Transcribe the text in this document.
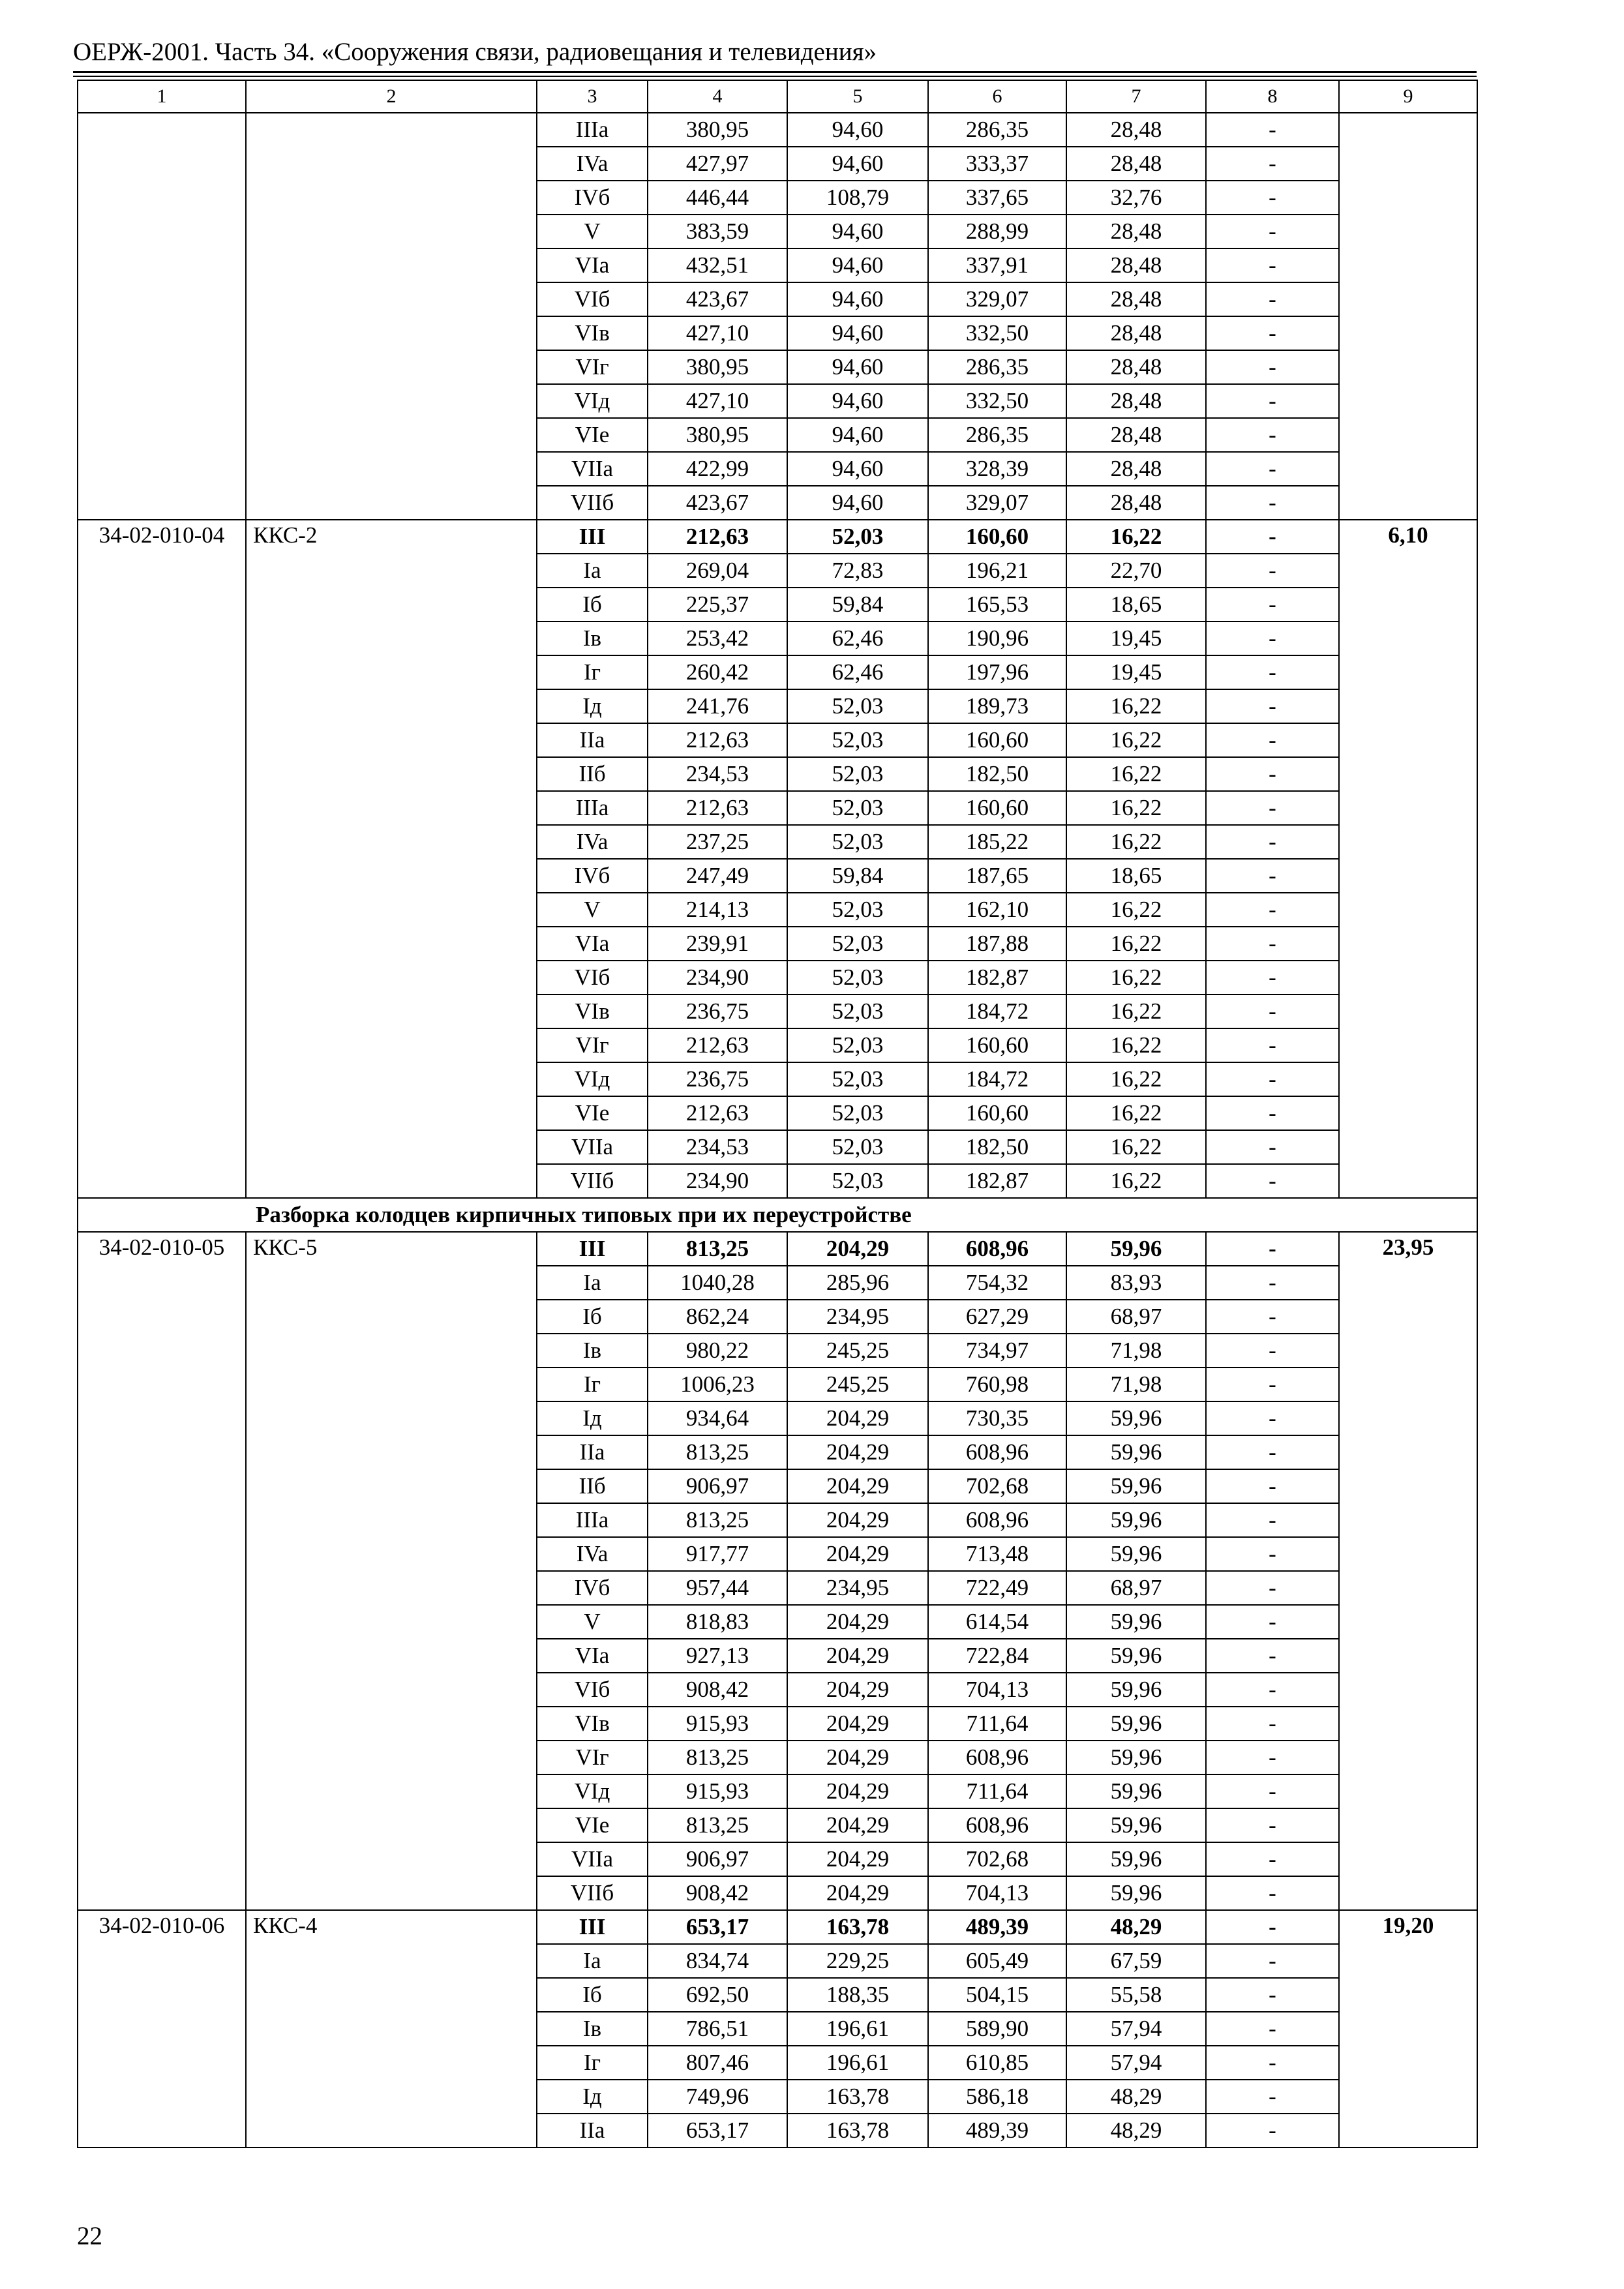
ОЕРЖ-2001. Часть 34. «Сооружения связи, радиовещания и телевидения»
1	2	3	4	5	6	7	8	9
		IIIa	380,95	94,60	286,35	28,48	-	
		IVa	427,97	94,60	333,37	28,48	-	
		IVб	446,44	108,79	337,65	32,76	-	
		V	383,59	94,60	288,99	28,48	-	
		VIa	432,51	94,60	337,91	28,48	-	
		VIб	423,67	94,60	329,07	28,48	-	
		VIв	427,10	94,60	332,50	28,48	-	
		VIг	380,95	94,60	286,35	28,48	-	
		VIд	427,10	94,60	332,50	28,48	-	
		VIe	380,95	94,60	286,35	28,48	-	
		VIIa	422,99	94,60	328,39	28,48	-	
		VIIб	423,67	94,60	329,07	28,48	-	
34-02-010-04	ККС-2	III	212,63	52,03	160,60	16,22	-	6,10
		Ia	269,04	72,83	196,21	22,70	-	
		Iб	225,37	59,84	165,53	18,65	-	
		Iв	253,42	62,46	190,96	19,45	-	
		Iг	260,42	62,46	197,96	19,45	-	
		Iд	241,76	52,03	189,73	16,22	-	
		IIa	212,63	52,03	160,60	16,22	-	
		IIб	234,53	52,03	182,50	16,22	-	
		IIIa	212,63	52,03	160,60	16,22	-	
		IVa	237,25	52,03	185,22	16,22	-	
		IVб	247,49	59,84	187,65	18,65	-	
		V	214,13	52,03	162,10	16,22	-	
		VIa	239,91	52,03	187,88	16,22	-	
		VIб	234,90	52,03	182,87	16,22	-	
		VIв	236,75	52,03	184,72	16,22	-	
		VIг	212,63	52,03	160,60	16,22	-	
		VIд	236,75	52,03	184,72	16,22	-	
		VIe	212,63	52,03	160,60	16,22	-	
		VIIa	234,53	52,03	182,50	16,22	-	
		VIIб	234,90	52,03	182,87	16,22	-	
Разборка колодцев кирпичных типовых при их переустройстве								
34-02-010-05	ККС-5	III	813,25	204,29	608,96	59,96	-	23,95
		Ia	1040,28	285,96	754,32	83,93	-	
		Iб	862,24	234,95	627,29	68,97	-	
		Iв	980,22	245,25	734,97	71,98	-	
		Iг	1006,23	245,25	760,98	71,98	-	
		Iд	934,64	204,29	730,35	59,96	-	
		IIa	813,25	204,29	608,96	59,96	-	
		IIб	906,97	204,29	702,68	59,96	-	
		IIIa	813,25	204,29	608,96	59,96	-	
		IVa	917,77	204,29	713,48	59,96	-	
		IVб	957,44	234,95	722,49	68,97	-	
		V	818,83	204,29	614,54	59,96	-	
		VIa	927,13	204,29	722,84	59,96	-	
		VIб	908,42	204,29	704,13	59,96	-	
		VIв	915,93	204,29	711,64	59,96	-	
		VIг	813,25	204,29	608,96	59,96	-	
		VIд	915,93	204,29	711,64	59,96	-	
		VIe	813,25	204,29	608,96	59,96	-	
		VIIa	906,97	204,29	702,68	59,96	-	
		VIIб	908,42	204,29	704,13	59,96	-	
34-02-010-06	ККС-4	III	653,17	163,78	489,39	48,29	-	19,20
		Ia	834,74	229,25	605,49	67,59	-	
		Iб	692,50	188,35	504,15	55,58	-	
		Iв	786,51	196,61	589,90	57,94	-	
		Iг	807,46	196,61	610,85	57,94	-	
		Iд	749,96	163,78	586,18	48,29	-	
		IIa	653,17	163,78	489,39	48,29	-	
22
